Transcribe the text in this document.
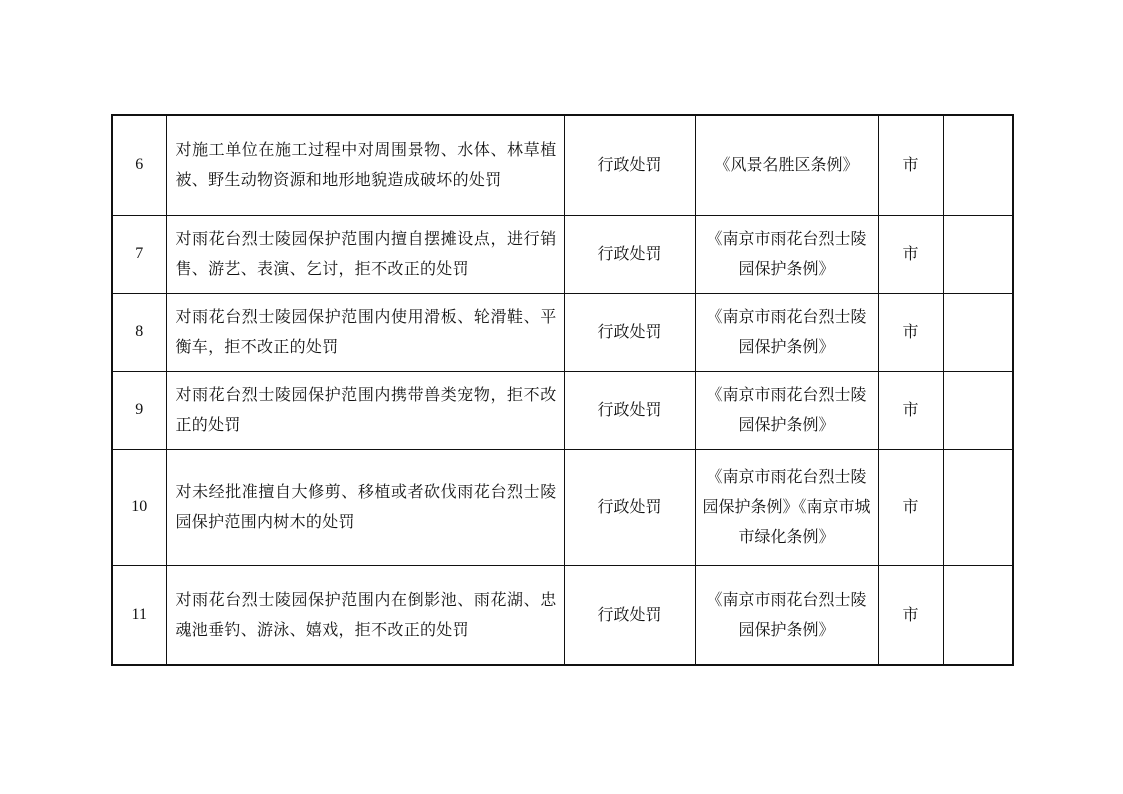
6	对施工单位在施工过程中对周围景物、水体、林草植被、野生动物资源和地形地貌造成破坏的处罚	行政处罚	《风景名胜区条例》	市	
7	对雨花台烈士陵园保护范围内擅自摆摊设点，进行销售、游艺、表演、乞讨，拒不改正的处罚	行政处罚	《南京市雨花台烈士陵园保护条例》	市	
8	对雨花台烈士陵园保护范围内使用滑板、轮滑鞋、平衡车，拒不改正的处罚	行政处罚	《南京市雨花台烈士陵园保护条例》	市	
9	对雨花台烈士陵园保护范围内携带兽类宠物，拒不改正的处罚	行政处罚	《南京市雨花台烈士陵园保护条例》	市	
10	对未经批准擅自大修剪、移植或者砍伐雨花台烈士陵园保护范围内树木的处罚	行政处罚	《南京市雨花台烈士陵园保护条例》《南京市城市绿化条例》	市	
11	对雨花台烈士陵园保护范围内在倒影池、雨花湖、忠魂池垂钓、游泳、嬉戏，拒不改正的处罚	行政处罚	《南京市雨花台烈士陵园保护条例》	市	
